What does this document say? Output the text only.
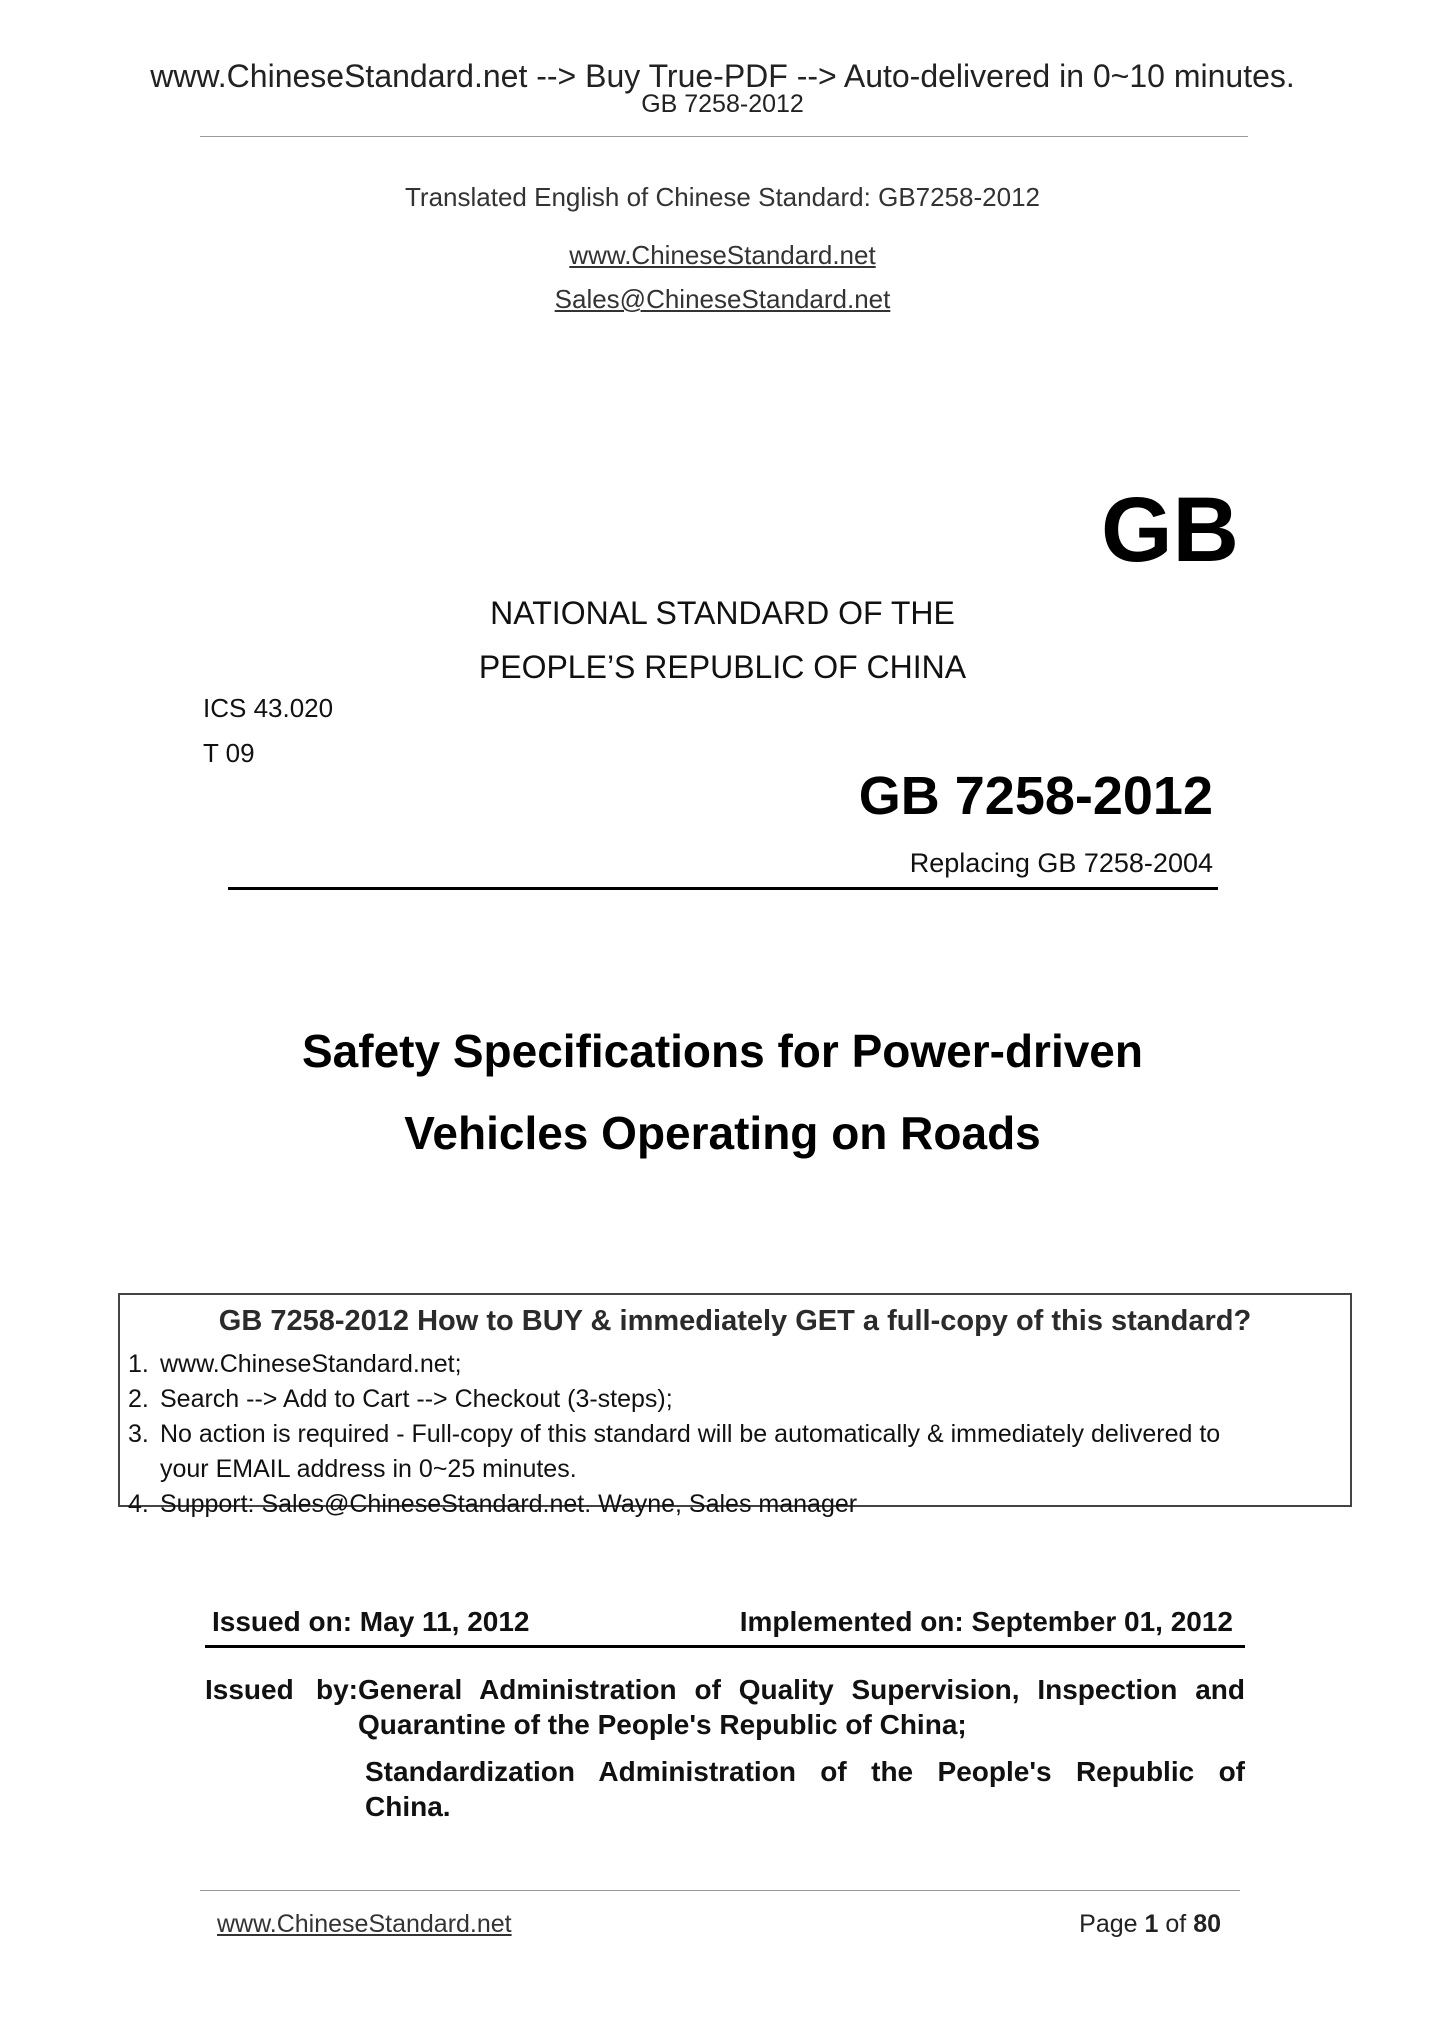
www.ChineseStandard.net --> Buy True-PDF --> Auto-delivered in 0~10 minutes.
GB 7258-2012
Translated English of Chinese Standard: GB7258-2012
www.ChineseStandard.net
Sales@ChineseStandard.net
GB
NATIONAL STANDARD OF THE
PEOPLE’S REPUBLIC OF CHINA
ICS 43.020
T 09
GB 7258-2012
Replacing GB 7258-2004
Safety Specifications for Power-driven
Vehicles Operating on Roads
GB 7258-2012 How to BUY & immediately GET a full-copy of this standard?
1. www.ChineseStandard.net;
2. Search --> Add to Cart --> Checkout (3-steps);
3. No action is required - Full-copy of this standard will be automatically & immediately delivered to
your EMAIL address in 0~25 minutes.
4. Support: Sales@ChineseStandard.net. Wayne, Sales manager
Issued on: May 11, 2012	Implemented on: September 01, 2012
Issued by:General Administration of Quality Supervision, Inspection and
Quarantine of the People's Republic of China;
Standardization Administration of the People's Republic of
China.
www.ChineseStandard.net	Page 1 of 80
